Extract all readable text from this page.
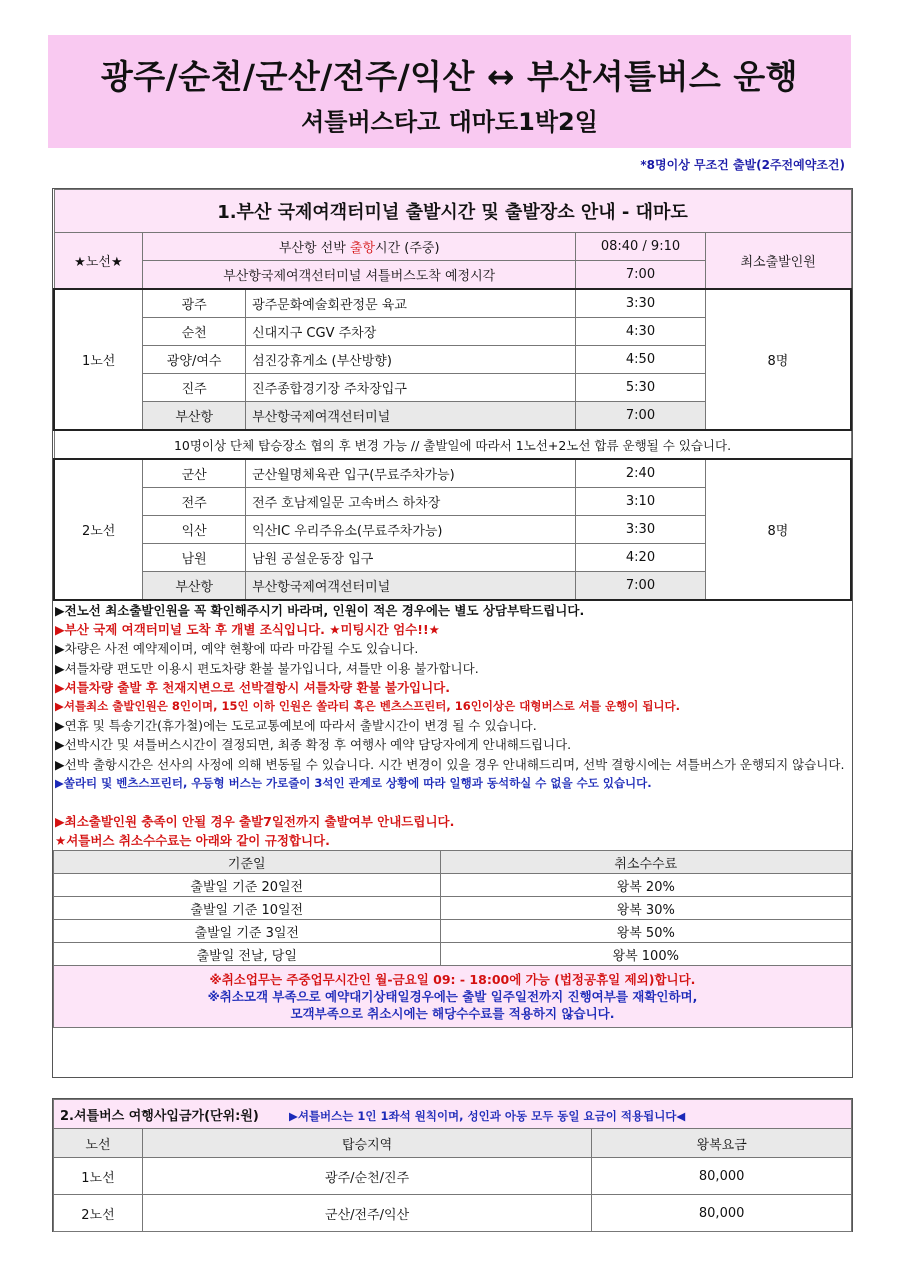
광주/순천/군산/전주/익산 ↔ 부산셔틀버스 운행
셔틀버스타고 대마도1박2일
*8명이상 무조건 출발(2주전예약조건)
1.부산 국제여객터미널 출발시간 및 출발장소 안내 - 대마도				
★노선★	부산항 선박 출항시간 (주중)		08:40 / 9:10	최소출발인원
	부산항국제여객선터미널 셔틀버스도착 예정시각		7:00	
1노선	광주	광주문화예술회관정문 육교	3:30	8명
	순천	신대지구 CGV 주차장	4:30	
	광양/여수	섬진강휴게소 (부산방향)	4:50	
	진주	진주종합경기장 주차장입구	5:30	
	부산항	부산항국제여객선터미널	7:00	
10명이상 단체 탑승장소 협의 후 변경 가능 // 출발일에 따라서 1노선+2노선 합류 운행될 수 있습니다.				
2노선	군산	군산월명체육관 입구(무료주차가능)	2:40	8명
	전주	전주 호남제일문 고속버스 하차장	3:10	
	익산	익산IC 우리주유소(무료주차가능)	3:30	
	남원	남원 공설운동장 입구	4:20	
	부산항	부산항국제여객선터미널	7:00	
▶전노선 최소출발인원을 꼭 확인해주시기 바라며, 인원이 적은 경우에는 별도 상담부탁드립니다.
▶부산 국제 여객터미널 도착 후 개별 조식입니다. ★미팅시간 엄수!!★
▶차량은 사전 예약제이며, 예약 현황에 따라 마감될 수도 있습니다.
▶셔틀차량 편도만 이용시 편도차량 환불 불가입니다, 셔틀만 이용 불가합니다.
▶셔틀차량 출발 후 천재지변으로 선박결항시 셔틀차량 환불 불가입니다.
▶셔틀최소 출발인원은 8인이며, 15인 이하 인원은 쏠라티 혹은 벤츠스프린터, 16인이상은 대형버스로 셔틀 운행이 됩니다.
▶연휴 및 특송기간(휴가철)에는 도로교통예보에 따라서 출발시간이 변경 될 수 있습니다.
▶선박시간 및 셔틀버스시간이 결정되면, 최종 확정 후 여행사 예약 담당자에게 안내해드립니다.
▶선박 출항시간은 선사의 사정에 의해 변동될 수 있습니다. 시간 변경이 있을 경우 안내해드리며, 선박 결항시에는 셔틀버스가 운행되지 않습니다.
▶쏠라티 및 벤츠스프린터, 우등형 버스는 가로줄이 3석인 관계로 상황에 따라 일행과 동석하실 수 없을 수도 있습니다.
▶최소출발인원 충족이 안될 경우 출발7일전까지 출발여부 안내드립니다.
★셔틀버스 취소수수료는 아래와 같이 규정합니다.
기준일	취소수수료
출발일 기준 20일전	왕복 20%
출발일 기준 10일전	왕복 30%
출발일 기준 3일전	왕복 50%
출발일 전날, 당일	왕복 100%

※취소업무는 주중업무시간인 월-금요일 09: - 18:00에 가능 (법정공휴일 제외)합니다.
※취소모객 부족으로 예약대기상태일경우에는 출발 일주일전까지 진행여부를 재확인하며,
모객부족으로 취소시에는 해당수수료를 적용하지 않습니다.	
2.셔틀버스 여행사입금가(단위:원) ▶셔틀버스는 1인 1좌석 원칙이며, 성인과 아동 모두 동일 요금이 적용됩니다◀		
노선	탑승지역	왕복요금
1노선	광주/순천/진주	80,000
2노선	군산/전주/익산	80,000
